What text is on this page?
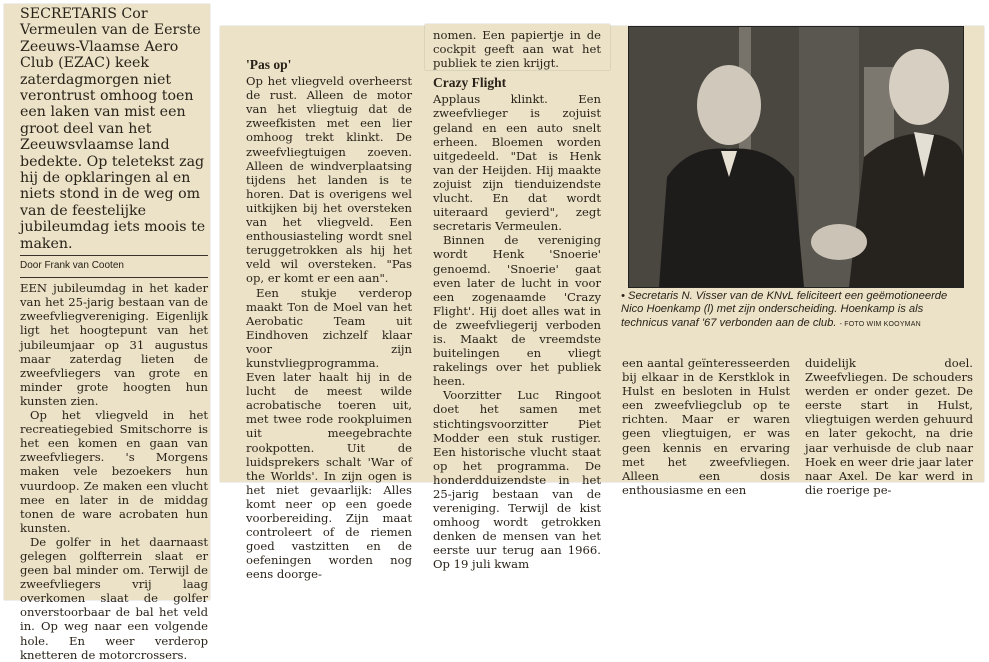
SECRETARIS Cor Vermeulen van de Eerste Zeeuws-Vlaamse Aero Club (EZAC) keek zaterdagmorgen niet verontrust omhoog toen een laken van mist een groot deel van het Zeeuwsvlaamse land bedekte. Op teletekst zag hij de opklaringen al en niets stond in de weg om van de feestelijke jubileumdag iets moois te maken.

Door Frank van Cooten

EEN jubileumdag in het kader van het 25-jarig bestaan van de zweefvliegvereniging. Eigenlijk ligt het hoogtepunt van het jubileumjaar op 31 augustus maar zaterdag lieten de zweefvliegers van grote en minder grote hoogten hun kunsten zien.

Op het vliegveld in het recreatiegebied Smitschorre is het een komen en gaan van zweefvliegers. 's Morgens maken vele bezoekers hun vuurdoop. Ze maken een vlucht mee en later in de middag tonen de ware acrobaten hun kunsten.

De golfer in het daarnaast gelegen golfterrein slaat er geen bal minder om. Terwijl de zweefvliegers vrij laag overkomen slaat de golfer onverstoorbaar de bal het veld in. Op weg naar een volgende hole. En weer verderop knetteren de motorcrossers.

'Pas op'

Op het vliegveld overheerst de rust. Alleen de motor van het vliegtuig dat de zweefkisten met een lier omhoog trekt klinkt. De zweefvliegtuigen zoeven. Alleen de windverplaatsing tijdens het landen is te horen. Dat is overigens wel uitkijken bij het oversteken van het vliegveld. Een enthousiasteling wordt snel teruggetrokken als hij het veld wil oversteken. "Pas op, er komt er een aan".

Een stukje verderop maakt Ton de Moel van het Aerobatic Team uit Eindhoven zichzelf klaar voor zijn kunstvliegprogramma. Even later haalt hij in de lucht de meest wilde acrobatische toeren uit, met twee rode rookpluimen uit meegebrachte rookpotten. Uit de luidsprekers schalt 'War of the Worlds'. In zijn ogen is het niet gevaarlijk: Alles komt neer op een goede voorbereiding. Zijn maat controleert of de riemen goed vastzitten en de oefeningen worden nog eens doorge-

nomen. Een papiertje in de cockpit geeft aan wat het publiek te zien krijgt.

Crazy Flight

Applaus klinkt. Een zweefvlieger is zojuist geland en een auto snelt erheen. Bloemen worden uitgedeeld. "Dat is Henk van der Heijden. Hij maakte zojuist zijn tienduizendste vlucht. En dat wordt uiteraard gevierd", zegt secretaris Vermeulen.

Binnen de vereniging wordt Henk 'Snoerie' genoemd. 'Snoerie' gaat even later de lucht in voor een zogenaamde 'Crazy Flight'. Hij doet alles wat in de zweefvliegerij verboden is. Maakt de vreemdste buitelingen en vliegt rakelings over het publiek heen.

Voorzitter Luc Ringoot doet het samen met stichtingsvoorzitter Piet Modder een stuk rustiger. Een historische vlucht staat op het programma. De honderdduizendste in het 25-jarig bestaan van de vereniging. Terwijl de kist omhoog wordt getrokken denken de mensen van het eerste uur terug aan 1966. Op 19 juli kwam

• Secretaris N. Visser van de KNvL feliciteert een geëmotioneerde Nico Hoenkamp (l) met zijn onderscheiding. Hoenkamp is als technicus vanaf '67 verbonden aan de club. - FOTO WIM KOOYMAN

een aantal geïnteresseerden bij elkaar in de Kerstklok in Hulst en besloten in Hulst een zweefvliegclub op te richten. Maar er waren geen vliegtuigen, er was geen kennis en ervaring met het zweefvliegen. Alleen een dosis enthousiasme en een

duidelijk doel. Zweefvliegen. De schouders werden er onder gezet. De eerste start in Hulst, vliegtuigen werden gehuurd en later gekocht, na drie jaar verhuisde de club naar Hoek en weer drie jaar later naar Axel. De kar werd in die roerige pe-
